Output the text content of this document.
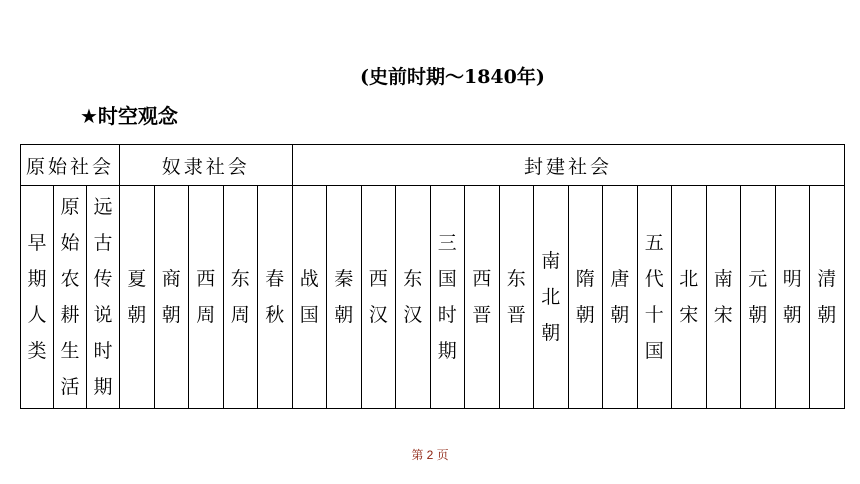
(史前时期～1840年)
★时空观念
原始社会			奴隶社会					封建社会															
早期人类	原始农耕生活	远古传说时期	夏朝	商朝	西周	东周	春秋	战国	秦朝	西汉	东汉	三国时期	西晋	东晋	南北朝	隋朝	唐朝	五代十国	北宋	南宋	元朝	明朝	清朝
第 2 页
